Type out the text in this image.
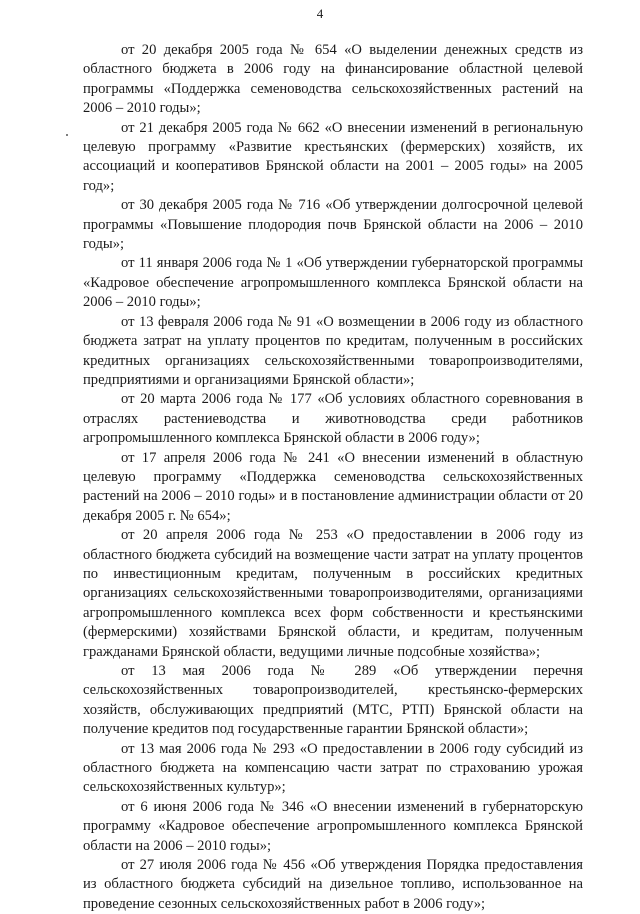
4

от 20 декабря 2005 года № 654 «О выделении денежных средств из областного бюджета в 2006 году на финансирование областной целевой программы «Поддержка семеноводства сельскохозяйственных растений на 2006 – 2010 годы»;

от 21 декабря 2005 года № 662 «О внесении изменений в региональную целевую программу «Развитие крестьянских (фермерских) хозяйств, их ассоциаций и кооперативов Брянской области на 2001 – 2005 годы» на 2005 год»;

от 30 декабря 2005 года № 716 «Об утверждении долгосрочной целевой программы «Повышение плодородия почв Брянской области на 2006 – 2010 годы»;

от 11 января 2006 года № 1 «Об утверждении губернаторской программы «Кадровое обеспечение агропромышленного комплекса Брянской области на 2006 – 2010 годы»;

от 13 февраля 2006 года № 91 «О возмещении в 2006 году из областного бюджета затрат на уплату процентов по кредитам, полученным в российских кредитных организациях сельскохозяйственными товаропроизводителями, предприятиями и организациями Брянской области»;

от 20 марта 2006 года № 177 «Об условиях областного соревнования в отраслях растениеводства и животноводства среди работников агропромышленного комплекса Брянской области в 2006 году»;

от 17 апреля 2006 года № 241 «О внесении изменений в областную целевую программу «Поддержка семеноводства сельскохозяйственных растений на 2006 – 2010 годы» и в постановление администрации области от 20 декабря 2005 г. № 654»;

от 20 апреля 2006 года № 253 «О предоставлении в 2006 году из областного бюджета субсидий на возмещение части затрат на уплату процентов по инвестиционным кредитам, полученным в российских кредитных организациях сельскохозяйственными товаропроизводителями, организациями агропромышленного комплекса всех форм собственности и крестьянскими (фермерскими) хозяйствами Брянской области, и кредитам, полученным гражданами Брянской области, ведущими личные подсобные хозяйства»;

от 13 мая 2006 года № 289 «Об утверждении перечня сельскохозяйственных товаропроизводителей, крестьянско-фермерских хозяйств, обслуживающих предприятий (МТС, РТП) Брянской области на получение кредитов под государственные гарантии Брянской области»;

от 13 мая 2006 года № 293 «О предоставлении в 2006 году субсидий из областного бюджета на компенсацию части затрат по страхованию урожая сельскохозяйственных культур»;

от 6 июня 2006 года № 346 «О внесении изменений в губернаторскую программу «Кадровое обеспечение агропромышленного комплекса Брянской области на 2006 – 2010 годы»;

от 27 июля 2006 года № 456 «Об утверждения Порядка предоставления из областного бюджета субсидий на дизельное топливо, использованное на проведение сезонных сельскохозяйственных работ в 2006 году»;
